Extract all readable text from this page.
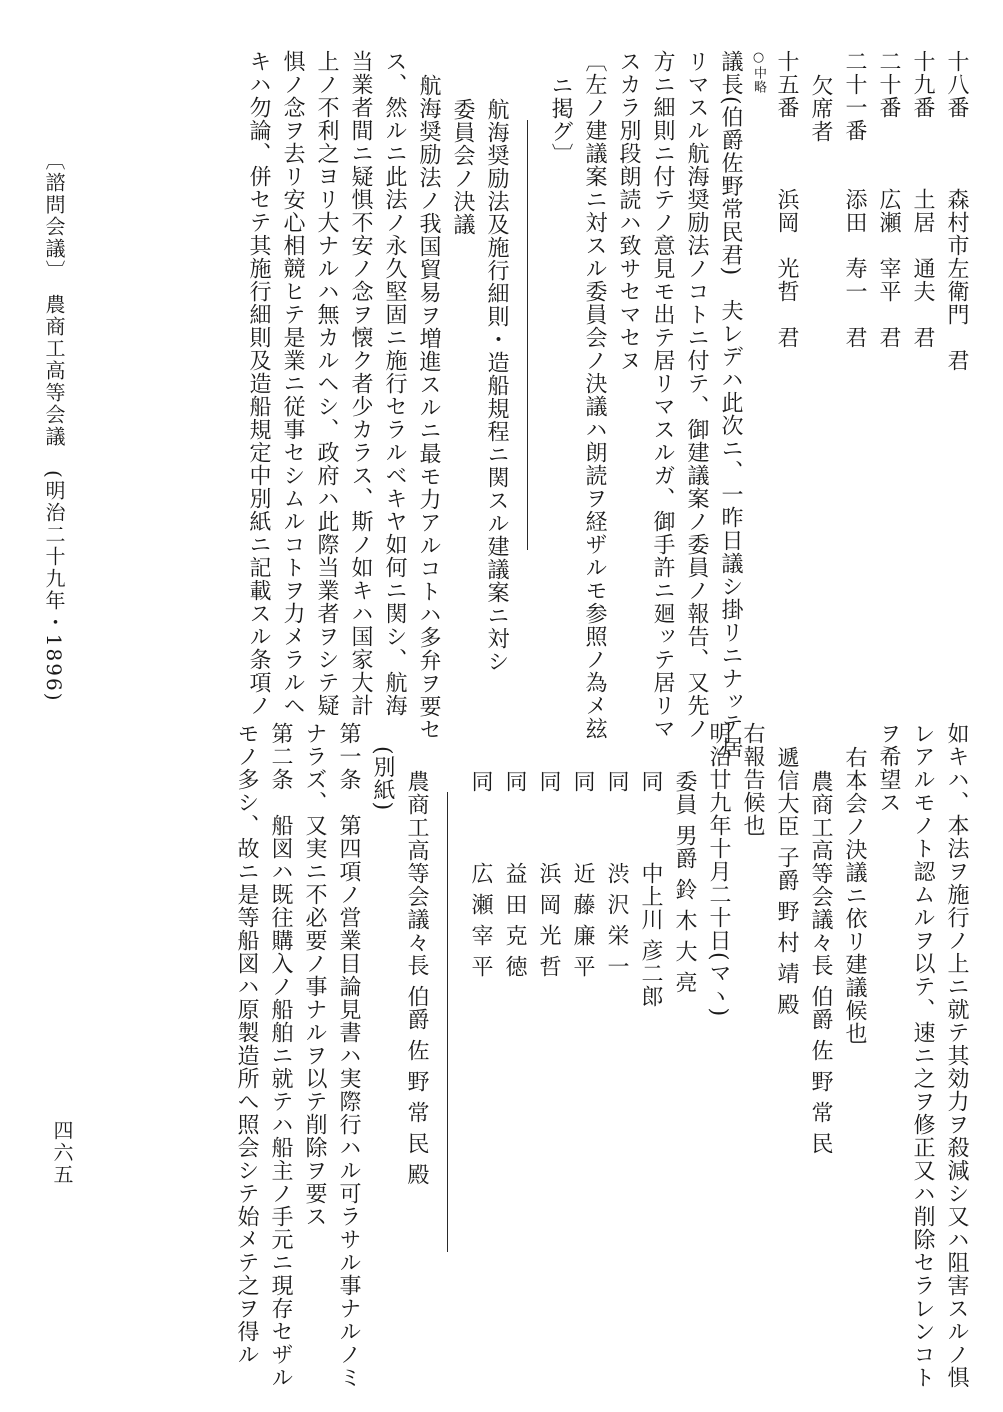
十八番　　　森村市左衛門　君
十九番　　　土居　通夫　君
二十番　　　広瀬　宰平　君
二十一番　　添田　寿一　君
欠席者
十五番　　　浜岡　光哲　君
○中略
議長(伯爵佐野常民君)　夫レデハ此次ニ、一昨日議シ掛リニナッテ居
リマスル航海奨励法ノコトニ付テ、御建議案ノ委員ノ報告、又先ノ
方ニ細則ニ付テノ意見モ出テ居リマスルガ、御手許ニ廻ッテ居リマ
スカラ別段朗読ハ致サセマセヌ
〔左ノ建議案ニ対スル委員会ノ決議ハ朗読ヲ経ザルモ参照ノ為メ玆
ニ掲グ〕
航海奨励法及施行細則・造船規程ニ関スル建議案ニ対シ
委員会ノ決議
航海奨励法ノ我国貿易ヲ増進スルニ最モ力アルコトハ多弁ヲ要セ
ス、然ルニ此法ノ永久堅固ニ施行セラルベキヤ如何ニ関シ、航海
当業者間ニ疑惧不安ノ念ヲ懐ク者少カラス、斯ノ如キハ国家大計
上ノ不利之ヨリ大ナルハ無カルヘシ、政府ハ此際当業者ヲシテ疑
惧ノ念ヲ去リ安心相競ヒテ是業ニ従事セシムルコトヲ力メラルヘ
キハ勿論、併セテ其施行細則及造船規定中別紙ニ記載スル条項ノ
如キハ、本法ヲ施行ノ上ニ就テ其効力ヲ殺減シ又ハ阻害スルノ惧
レアルモノト認ムルヲ以テ、速ニ之ヲ修正又ハ削除セラレンコト
ヲ希望ス
右本会ノ決議ニ依リ建議候也
農商工高等会議々長 伯爵 佐 野 常 民
遞信大臣 子爵 野 村 靖 殿
右報告候也
明治廿九年十月二十日(マヽ)
委員 男爵 鈴 木 大 亮
同　　　中上川 彦二郎
同　　　渋 沢 栄 一
同　　　近 藤 廉 平
同　　　浜 岡 光 哲
同　　　益 田 克 徳
同　　　広 瀬 宰 平
農商工高等会議々長 伯爵 佐 野 常 民 殿
(別紙)
第一条　第四項ノ営業目論見書ハ実際行ハル可ラサル事ナルノミ
ナラズ、又実ニ不必要ノ事ナルヲ以テ削除ヲ要ス
第二条　船図ハ既往購入ノ船舶ニ就テハ船主ノ手元ニ現存セザル
モノ多シ、故ニ是等船図ハ原製造所へ照会シテ始メテ之ヲ得ル
〔諮問会議〕　農商工高等会議　(明治二十九年・1896)
四六五
